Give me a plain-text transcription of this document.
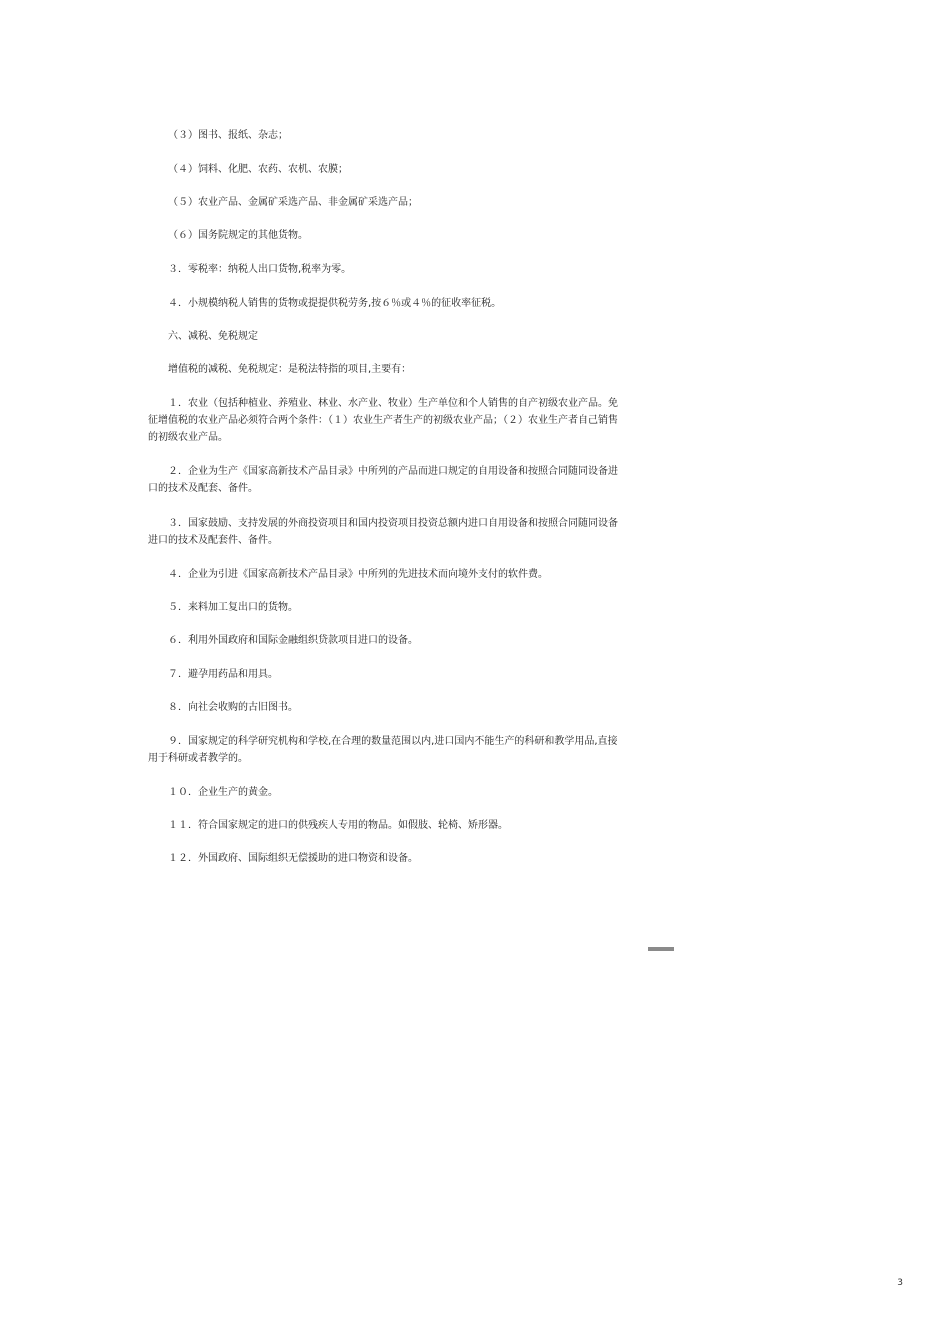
（３）图书、报纸、杂志；

（４）饲料、化肥、农药、农机、农膜；

（５）农业产品、金属矿采选产品、非金属矿采选产品；

（６）国务院规定的其他货物。

３．零税率：纳税人出口货物,税率为零。

４．小规模纳税人销售的货物或提提供税劳务,按６％或４％的征收率征税。

六、减税、免税规定

增值税的减税、免税规定：是税法特指的项目,主要有：

１．农业（包括种植业、养殖业、林业、水产业、牧业）生产单位和个人销售的自产初级农业产品。免征增值税的农业产品必须符合两个条件：（１）农业生产者生产的初级农业产品；（２）农业生产者自己销售的初级农业产品。

２．企业为生产《国家高新技术产品目录》中所列的产品而进口规定的自用设备和按照合同随同设备进口的技术及配套、备件。

３．国家鼓励、支持发展的外商投资项目和国内投资项目投资总额内进口自用设备和按照合同随同设备进口的技术及配套件、备件。

４．企业为引进《国家高新技术产品目录》中所列的先进技术而向境外支付的软件费。

５．来料加工复出口的货物。

６．利用外国政府和国际金融组织贷款项目进口的设备。

７．避孕用药品和用具。

８．向社会收购的古旧图书。

９．国家规定的科学研究机构和学校,在合理的数量范围以内,进口国内不能生产的科研和教学用品,直接用于科研或者教学的。

１０．企业生产的黄金。

１１．符合国家规定的进口的供残疾人专用的物品。如假肢、轮椅、矫形器。

１２．外国政府、国际组织无偿援助的进口物资和设备。

3
